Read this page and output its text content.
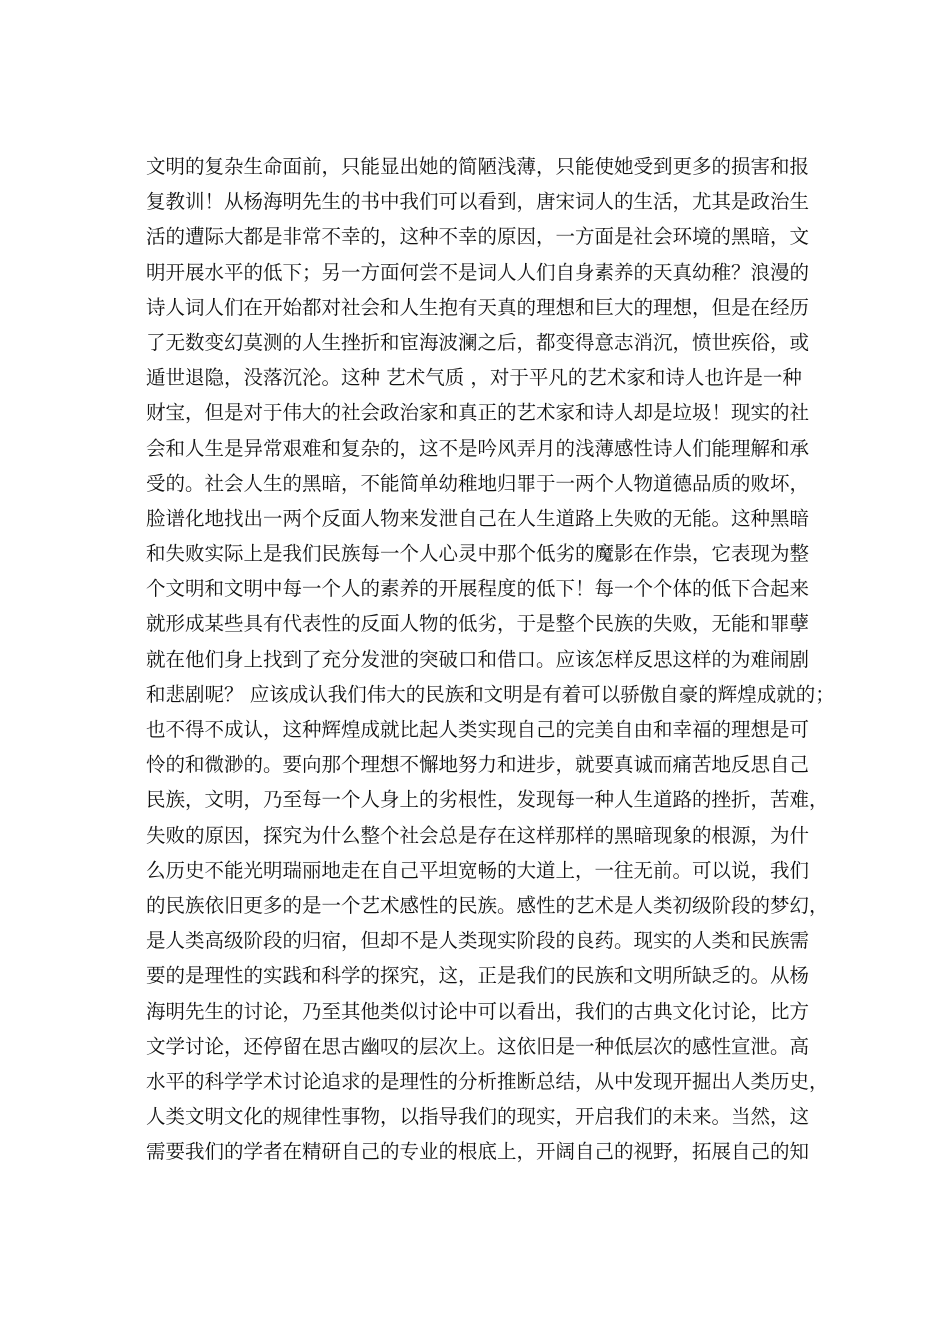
文明的复杂生命面前，只能显出她的简陋浅薄，只能使她受到更多的损害和报
复教训！从杨海明先生的书中我们可以看到，唐宋词人的生活，尤其是政治生
活的遭际大都是非常不幸的，这种不幸的原因，一方面是社会环境的黑暗，文
明开展水平的低下；另一方面何尝不是词人人们自身素养的天真幼稚？浪漫的
诗人词人们在开始都对社会和人生抱有天真的理想和巨大的理想，但是在经历
了无数变幻莫测的人生挫折和宦海波澜之后，都变得意志消沉，愤世疾俗，或
遁世退隐，没落沉沦。这种 艺术气质 ，对于平凡的艺术家和诗人也许是一种
财宝，但是对于伟大的社会政治家和真正的艺术家和诗人却是垃圾！现实的社
会和人生是异常艰难和复杂的，这不是吟风弄月的浅薄感性诗人们能理解和承
受的。社会人生的黑暗，不能简单幼稚地归罪于一两个人物道德品质的败坏，
脸谱化地找出一两个反面人物来发泄自己在人生道路上失败的无能。这种黑暗
和失败实际上是我们民族每一个人心灵中那个低劣的魔影在作祟，它表现为整
个文明和文明中每一个人的素养的开展程度的低下！每一个个体的低下合起来
就形成某些具有代表性的反面人物的低劣，于是整个民族的失败，无能和罪孽
就在他们身上找到了充分发泄的突破口和借口。应该怎样反思这样的为难闹剧
和悲剧呢？ 应该成认我们伟大的民族和文明是有着可以骄傲自豪的辉煌成就的；
也不得不成认，这种辉煌成就比起人类实现自己的完美自由和幸福的理想是可
怜的和微渺的。要向那个理想不懈地努力和进步，就要真诚而痛苦地反思自己
民族，文明，乃至每一个人身上的劣根性，发现每一种人生道路的挫折，苦难，
失败的原因，探究为什么整个社会总是存在这样那样的黑暗现象的根源，为什
么历史不能光明瑞丽地走在自己平坦宽畅的大道上，一往无前。可以说，我们
的民族依旧更多的是一个艺术感性的民族。感性的艺术是人类初级阶段的梦幻，
是人类高级阶段的归宿，但却不是人类现实阶段的良药。现实的人类和民族需
要的是理性的实践和科学的探究，这，正是我们的民族和文明所缺乏的。从杨
海明先生的讨论，乃至其他类似讨论中可以看出，我们的古典文化讨论，比方
文学讨论，还停留在思古幽叹的层次上。这依旧是一种低层次的感性宣泄。高
水平的科学学术讨论追求的是理性的分析推断总结，从中发现开掘出人类历史，
人类文明文化的规律性事物，以指导我们的现实，开启我们的未来。当然，这
需要我们的学者在精研自己的专业的根底上，开阔自己的视野，拓展自己的知
